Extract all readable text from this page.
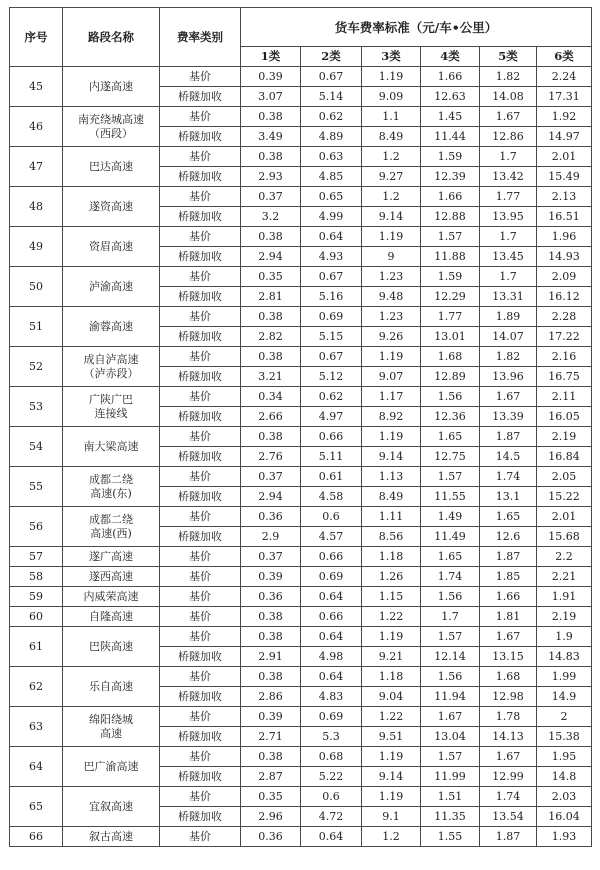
序号	路段名称	费率类别	货车费率标准（元/车•公里）					
			1类	2类	3类	4类	5类	6类
45	内遂高速	基价	0.39	0.67	1.19	1.66	1.82	2.24
		桥隧加收	3.07	5.14	9.09	12.63	14.08	17.31
46	南充绕城高速
（西段）	基价	0.38	0.62	1.1	1.45	1.67	1.92
		桥隧加收	3.49	4.89	8.49	11.44	12.86	14.97
47	巴达高速	基价	0.38	0.63	1.2	1.59	1.7	2.01
		桥隧加收	2.93	4.85	9.27	12.39	13.42	15.49
48	遂资高速	基价	0.37	0.65	1.2	1.66	1.77	2.13
		桥隧加收	3.2	4.99	9.14	12.88	13.95	16.51
49	资眉高速	基价	0.38	0.64	1.19	1.57	1.7	1.96
		桥隧加收	2.94	4.93	9	11.88	13.45	14.93
50	泸渝高速	基价	0.35	0.67	1.23	1.59	1.7	2.09
		桥隧加收	2.81	5.16	9.48	12.29	13.31	16.12
51	渝蓉高速	基价	0.38	0.69	1.23	1.77	1.89	2.28
		桥隧加收	2.82	5.15	9.26	13.01	14.07	17.22
52	成自泸高速
（泸赤段）	基价	0.38	0.67	1.19	1.68	1.82	2.16
		桥隧加收	3.21	5.12	9.07	12.89	13.96	16.75
53	广陕广巴
连接线	基价	0.34	0.62	1.17	1.56	1.67	2.11
		桥隧加收	2.66	4.97	8.92	12.36	13.39	16.05
54	南大梁高速	基价	0.38	0.66	1.19	1.65	1.87	2.19
		桥隧加收	2.76	5.11	9.14	12.75	14.5	16.84
55	成都二绕
高速(东)	基价	0.37	0.61	1.13	1.57	1.74	2.05
		桥隧加收	2.94	4.58	8.49	11.55	13.1	15.22
56	成都二绕
高速(西)	基价	0.36	0.6	1.11	1.49	1.65	2.01
		桥隧加收	2.9	4.57	8.56	11.49	12.6	15.68
57	遂广高速	基价	0.37	0.66	1.18	1.65	1.87	2.2
58	遂西高速	基价	0.39	0.69	1.26	1.74	1.85	2.21
59	内威荣高速	基价	0.36	0.64	1.15	1.56	1.66	1.91
60	自隆高速	基价	0.38	0.66	1.22	1.7	1.81	2.19
61	巴陕高速	基价	0.38	0.64	1.19	1.57	1.67	1.9
		桥隧加收	2.91	4.98	9.21	12.14	13.15	14.83
62	乐自高速	基价	0.38	0.64	1.18	1.56	1.68	1.99
		桥隧加收	2.86	4.83	9.04	11.94	12.98	14.9
63	绵阳绕城
高速	基价	0.39	0.69	1.22	1.67	1.78	2
		桥隧加收	2.71	5.3	9.51	13.04	14.13	15.38
64	巴广渝高速	基价	0.38	0.68	1.19	1.57	1.67	1.95
		桥隧加收	2.87	5.22	9.14	11.99	12.99	14.8
65	宜叙高速	基价	0.35	0.6	1.19	1.51	1.74	2.03
		桥隧加收	2.96	4.72	9.1	11.35	13.54	16.04
66	叙古高速	基价	0.36	0.64	1.2	1.55	1.87	1.93
